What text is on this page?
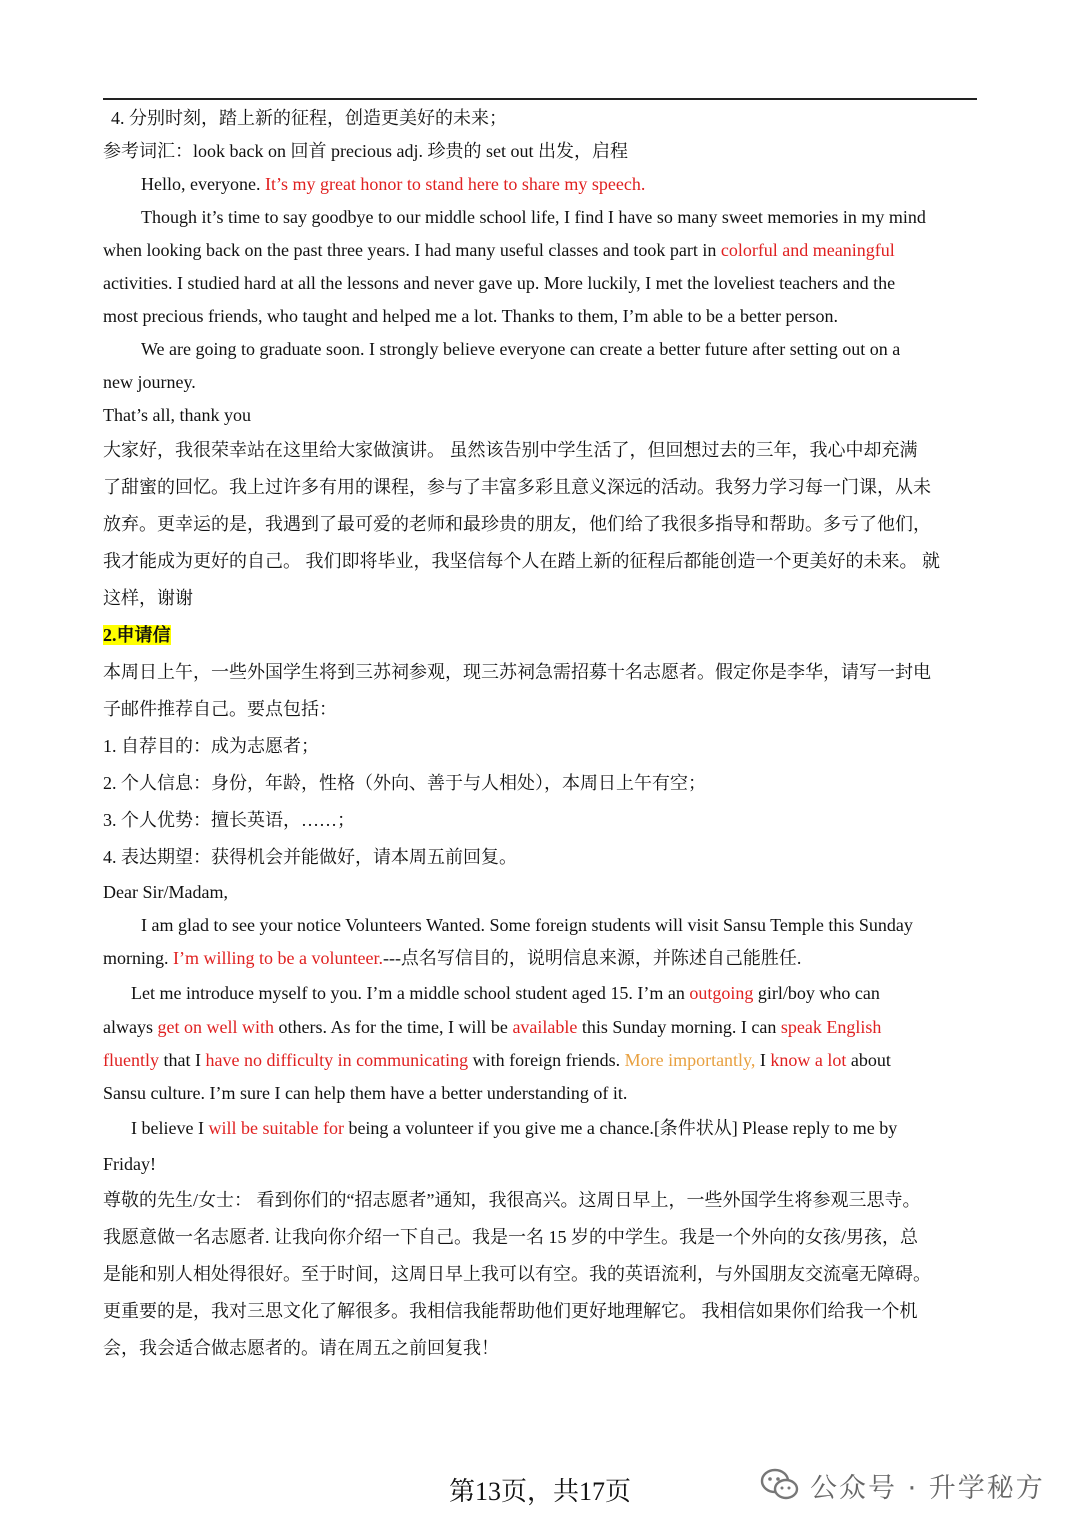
4. 分别时刻，踏上新的征程，创造更美好的未来；
参考词汇：look back on 回首 precious adj. 珍贵的 set out 出发，启程
Hello, everyone. It’s my great honor to stand here to share my speech.
Though it’s time to say goodbye to our middle school life, I find I have so many sweet memories in my mind
when looking back on the past three years. I had many useful classes and took part in colorful and meaningful
activities. I studied hard at all the lessons and never gave up. More luckily, I met the loveliest teachers and the
most precious friends, who taught and helped me a lot. Thanks to them, I’m able to be a better person.
We are going to graduate soon. I strongly believe everyone can create a better future after setting out on a
new journey.
That’s all, thank you
大家好，我很荣幸站在这里给大家做演讲。 虽然该告别中学生活了，但回想过去的三年，我心中却充满
了甜蜜的回忆。我上过许多有用的课程，参与了丰富多彩且意义深远的活动。我努力学习每一门课，从未
放弃。更幸运的是，我遇到了最可爱的老师和最珍贵的朋友，他们给了我很多指导和帮助。多亏了他们，
我才能成为更好的自己。 我们即将毕业，我坚信每个人在踏上新的征程后都能创造一个更美好的未来。 就
这样，谢谢
2.申请信
本周日上午，一些外国学生将到三苏祠参观，现三苏祠急需招募十名志愿者。假定你是李华，请写一封电
子邮件推荐自己。要点包括：
1. 自荐目的：成为志愿者；
2. 个人信息：身份，年龄，性格（外向、善于与人相处），本周日上午有空；
3. 个人优势：擅长英语，……；
4. 表达期望：获得机会并能做好，请本周五前回复。
Dear Sir/Madam,
I am glad to see your notice Volunteers Wanted. Some foreign students will visit Sansu Temple this Sunday
morning. I’m willing to be a volunteer.---点名写信目的，说明信息来源，并陈述自己能胜任.
Let me introduce myself to you. I’m a middle school student aged 15. I’m an outgoing girl/boy who can
always get on well with others. As for the time, I will be available this Sunday morning. I can speak English
fluently that I have no difficulty in communicating with foreign friends. More importantly, I know a lot about
Sansu culture. I’m sure I can help them have a better understanding of it.
I believe I will be suitable for being a volunteer if you give me a chance.[条件状从] Please reply to me by
Friday!
尊敬的先生/女士： 看到你们的“招志愿者”通知，我很高兴。这周日早上，一些外国学生将参观三思寺。
我愿意做一名志愿者. 让我向你介绍一下自己。我是一名 15 岁的中学生。我是一个外向的女孩/男孩，总
是能和别人相处得很好。至于时间，这周日早上我可以有空。我的英语流利，与外国朋友交流毫无障碍。
更重要的是，我对三思文化了解很多。我相信我能帮助他们更好地理解它。 我相信如果你们给我一个机
会，我会适合做志愿者的。请在周五之前回复我！
第13页，共17页	公众号 · 升学秘方
